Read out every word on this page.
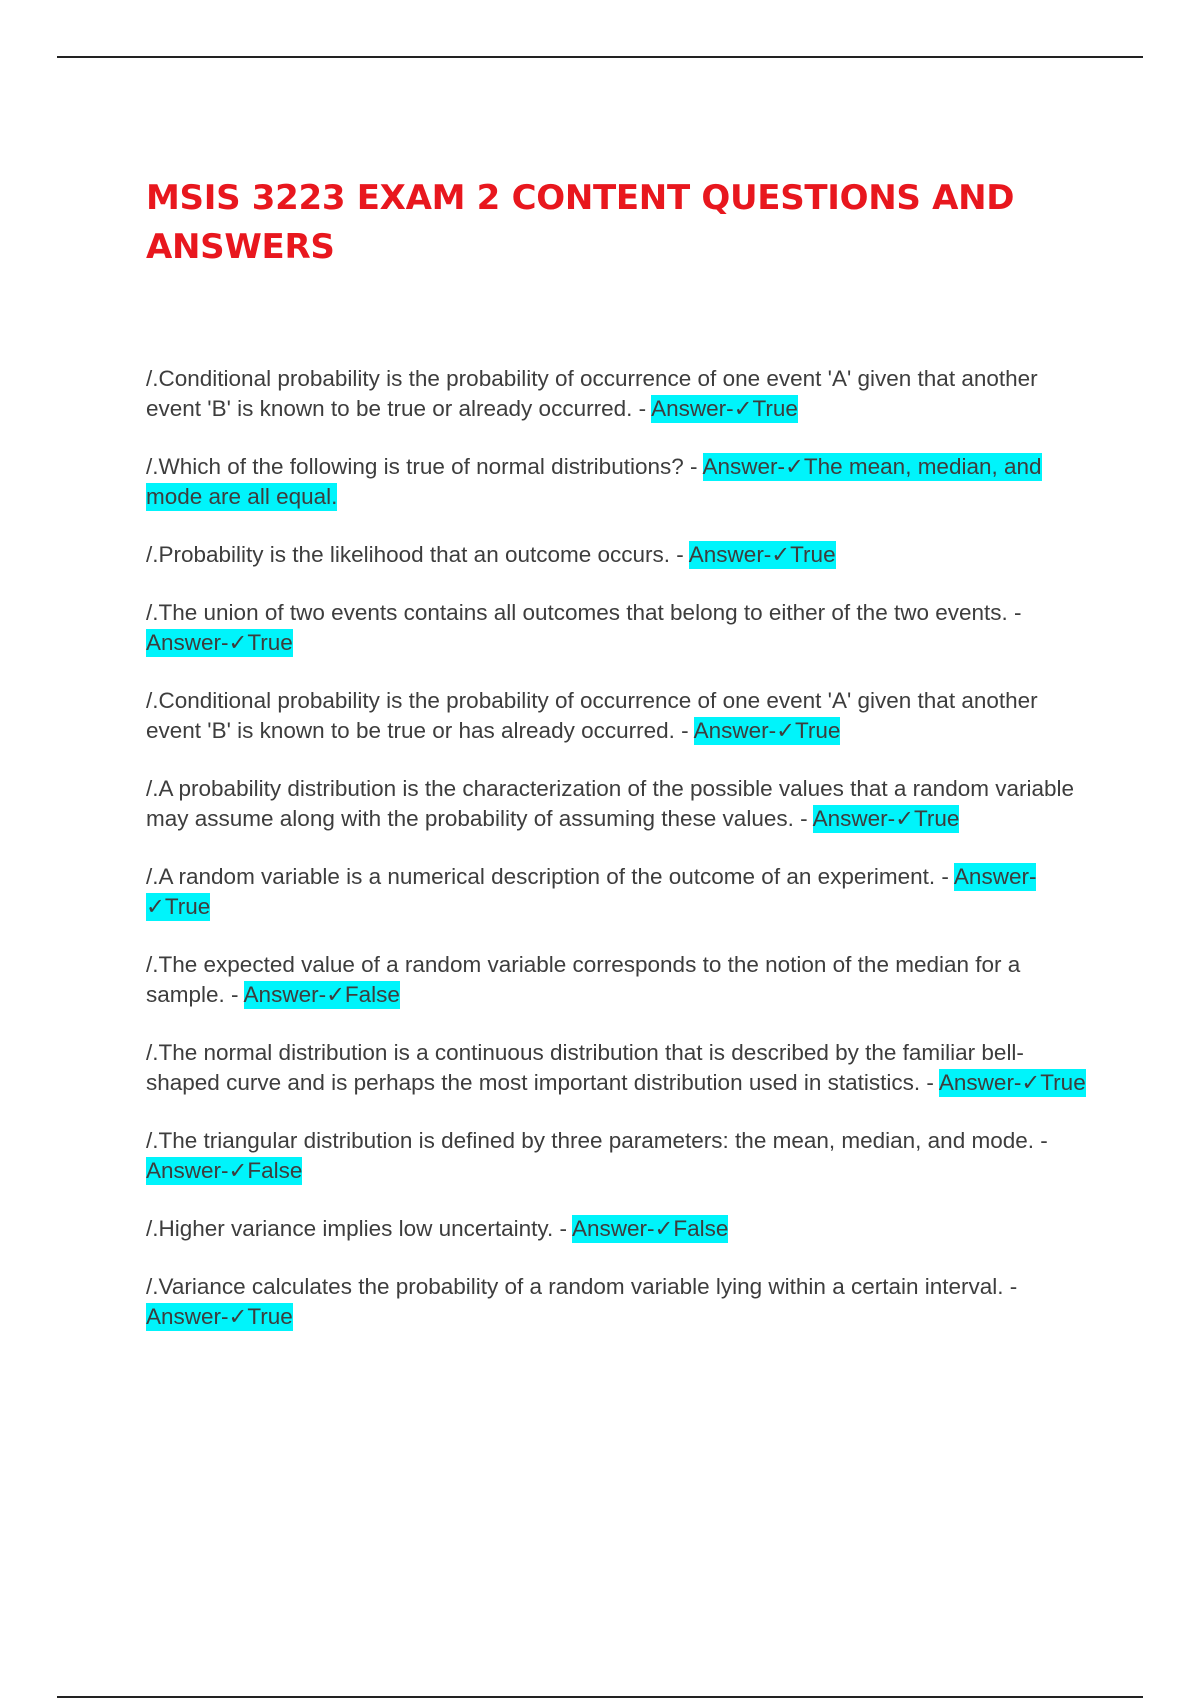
MSIS 3223 EXAM 2 CONTENT QUESTIONS AND ANSWERS
/.Conditional probability is the probability of occurrence of one event 'A' given that another event 'B' is known to be true or already occurred. - Answer-✓True
/.Which of the following is true of normal distributions? - Answer-✓The mean, median, and mode are all equal.
/.Probability is the likelihood that an outcome occurs. - Answer-✓True
/.The union of two events contains all outcomes that belong to either of the two events. - Answer-✓True
/.Conditional probability is the probability of occurrence of one event 'A' given that another event 'B' is known to be true or has already occurred. - Answer-✓True
/.A probability distribution is the characterization of the possible values that a random variable may assume along with the probability of assuming these values. - Answer-✓True
/.A random variable is a numerical description of the outcome of an experiment. - Answer-✓True
/.The expected value of a random variable corresponds to the notion of the median for a sample. - Answer-✓False
/.The normal distribution is a continuous distribution that is described by the familiar bell-shaped curve and is perhaps the most important distribution used in statistics. - Answer-✓True
/.The triangular distribution is defined by three parameters: the mean, median, and mode. - Answer-✓False
/.Higher variance implies low uncertainty. - Answer-✓False
/.Variance calculates the probability of a random variable lying within a certain interval. - Answer-✓True
